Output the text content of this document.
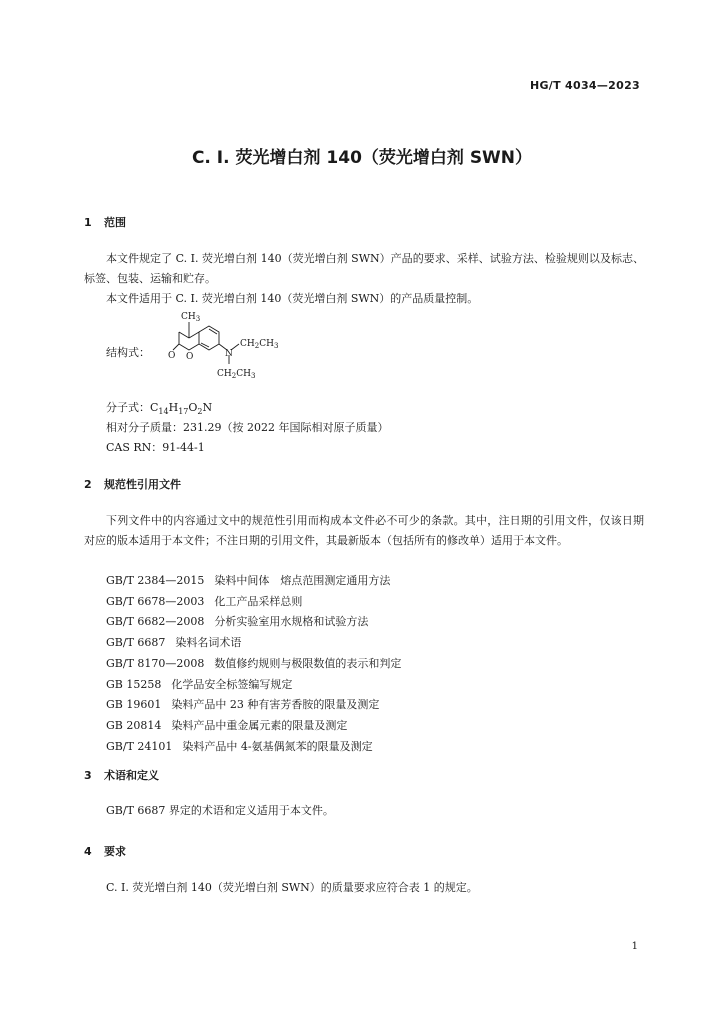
HG/T 4034—2023
C. I. 荧光增白剂 140（荧光增白剂 SWN）
1 范围
本文件规定了 C. I. 荧光增白剂 140（荧光增白剂 SWN）产品的要求、采样、试验方法、检验规则以及标志、标签、包装、运输和贮存。
本文件适用于 C. I. 荧光增白剂 140（荧光增白剂 SWN）的产品质量控制。
结构式：
$CH_3$
O O	N
$CH_2CH_3$
$CH_2CH_3$
分子式：$C_{14}H_{17}O_2N$
相对分子质量：231.29（按 2022 年国际相对原子质量）
CAS RN：91-44-1
2 规范性引用文件
下列文件中的内容通过文中的规范性引用而构成本文件必不可少的条款。其中，注日期的引用文件，仅该日期对应的版本适用于本文件；不注日期的引用文件，其最新版本（包括所有的修改单）适用于本文件。
GB/T 2384—2015 染料中间体　熔点范围测定通用方法
GB/T 6678—2003 化工产品采样总则
GB/T 6682—2008 分析实验室用水规格和试验方法
GB/T 6687 染料名词术语
GB/T 8170—2008 数值修约规则与极限数值的表示和判定
GB 15258 化学品安全标签编写规定
GB 19601 染料产品中 23 种有害芳香胺的限量及测定
GB 20814 染料产品中重金属元素的限量及测定
GB/T 24101 染料产品中 4-氨基偶氮苯的限量及测定
3 术语和定义
GB/T 6687 界定的术语和定义适用于本文件。
4 要求
C. I. 荧光增白剂 140（荧光增白剂 SWN）的质量要求应符合表 1 的规定。
1
